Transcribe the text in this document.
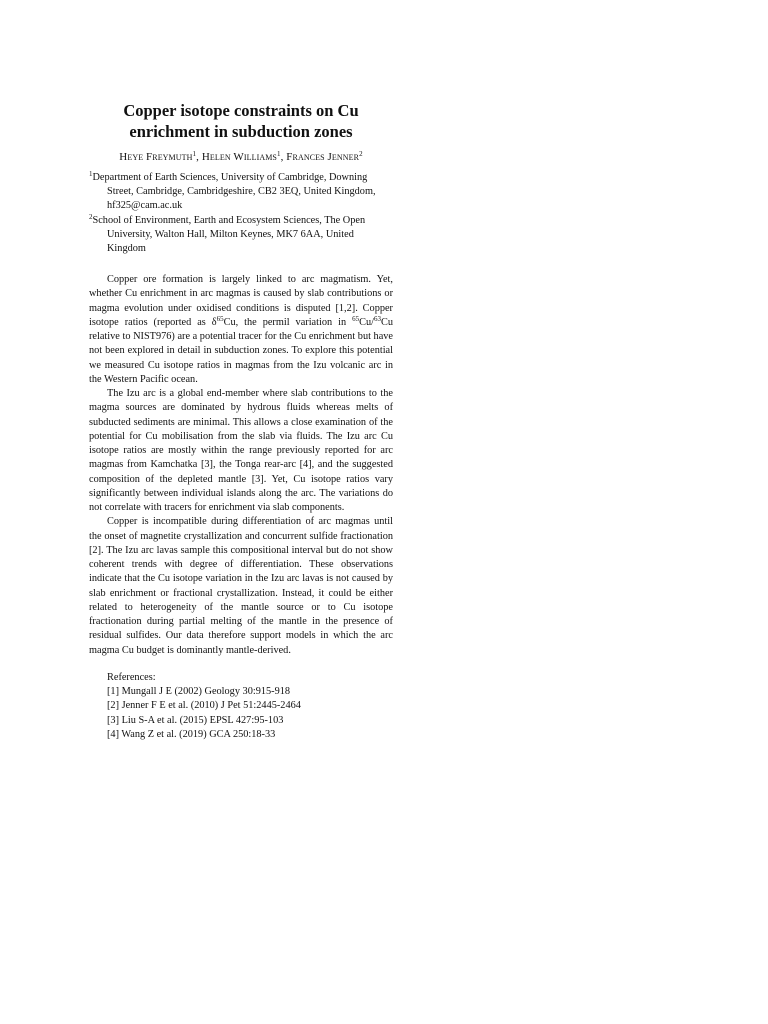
Copper isotope constraints on Cu
enrichment in subduction zones
Heye Freymuth$^1$, Helen Williams$^1$, Frances Jenner$^2$
$^1$Department of Earth Sciences, University of Cambridge, Downing Street, Cambridge, Cambridgeshire, CB2 3EQ, United Kingdom, hf325@cam.ac.uk
$^2$School of Environment, Earth and Ecosystem Sciences, The Open University, Walton Hall, Milton Keynes, MK7 6AA, United Kingdom

Copper ore formation is largely linked to arc magmatism. Yet, whether Cu enrichment in arc magmas is caused by slab contributions or magma evolution under oxidised conditions is disputed [1,2]. Copper isotope ratios (reported as $\delta^{65}Cu$, the permil variation in $^{65}$Cu/$^{63}$Cu relative to NIST976) are a potential tracer for the Cu enrichment but have not been explored in detail in subduction zones. To explore this potential we measured Cu isotope ratios in magmas from the Izu volcanic arc in the Western Pacific ocean.

The Izu arc is a global end-member where slab contributions to the magma sources are dominated by hydrous fluids whereas melts of subducted sediments are minimal. This allows a close examination of the potential for Cu mobilisation from the slab via fluids. The Izu arc Cu isotope ratios are mostly within the range previously reported for arc magmas from Kamchatka [3], the Tonga rear-arc [4], and the suggested composition of the depleted mantle [3]. Yet, Cu isotope ratios vary significantly between individual islands along the arc. The variations do not correlate with tracers for enrichment via slab components.

Copper is incompatible during differentiation of arc magmas until the onset of magnetite crystallization and concurrent sulfide fractionation [2]. The Izu arc lavas sample this compositional interval but do not show coherent trends with degree of differentiation. These observations indicate that the Cu isotope variation in the Izu arc lavas is not caused by slab enrichment or fractional crystallization. Instead, it could be either related to heterogeneity of the mantle source or to Cu isotope fractionation during partial melting of the mantle in the presence of residual sulfides. Our data therefore support models in which the arc magma Cu budget is dominantly mantle-derived.

References:
[1] Mungall J E (2002) Geology 30:915-918
[2] Jenner F E et al. (2010) J Pet 51:2445-2464
[3] Liu S-A et al. (2015) EPSL 427:95-103
[4] Wang Z et al. (2019) GCA 250:18-33
